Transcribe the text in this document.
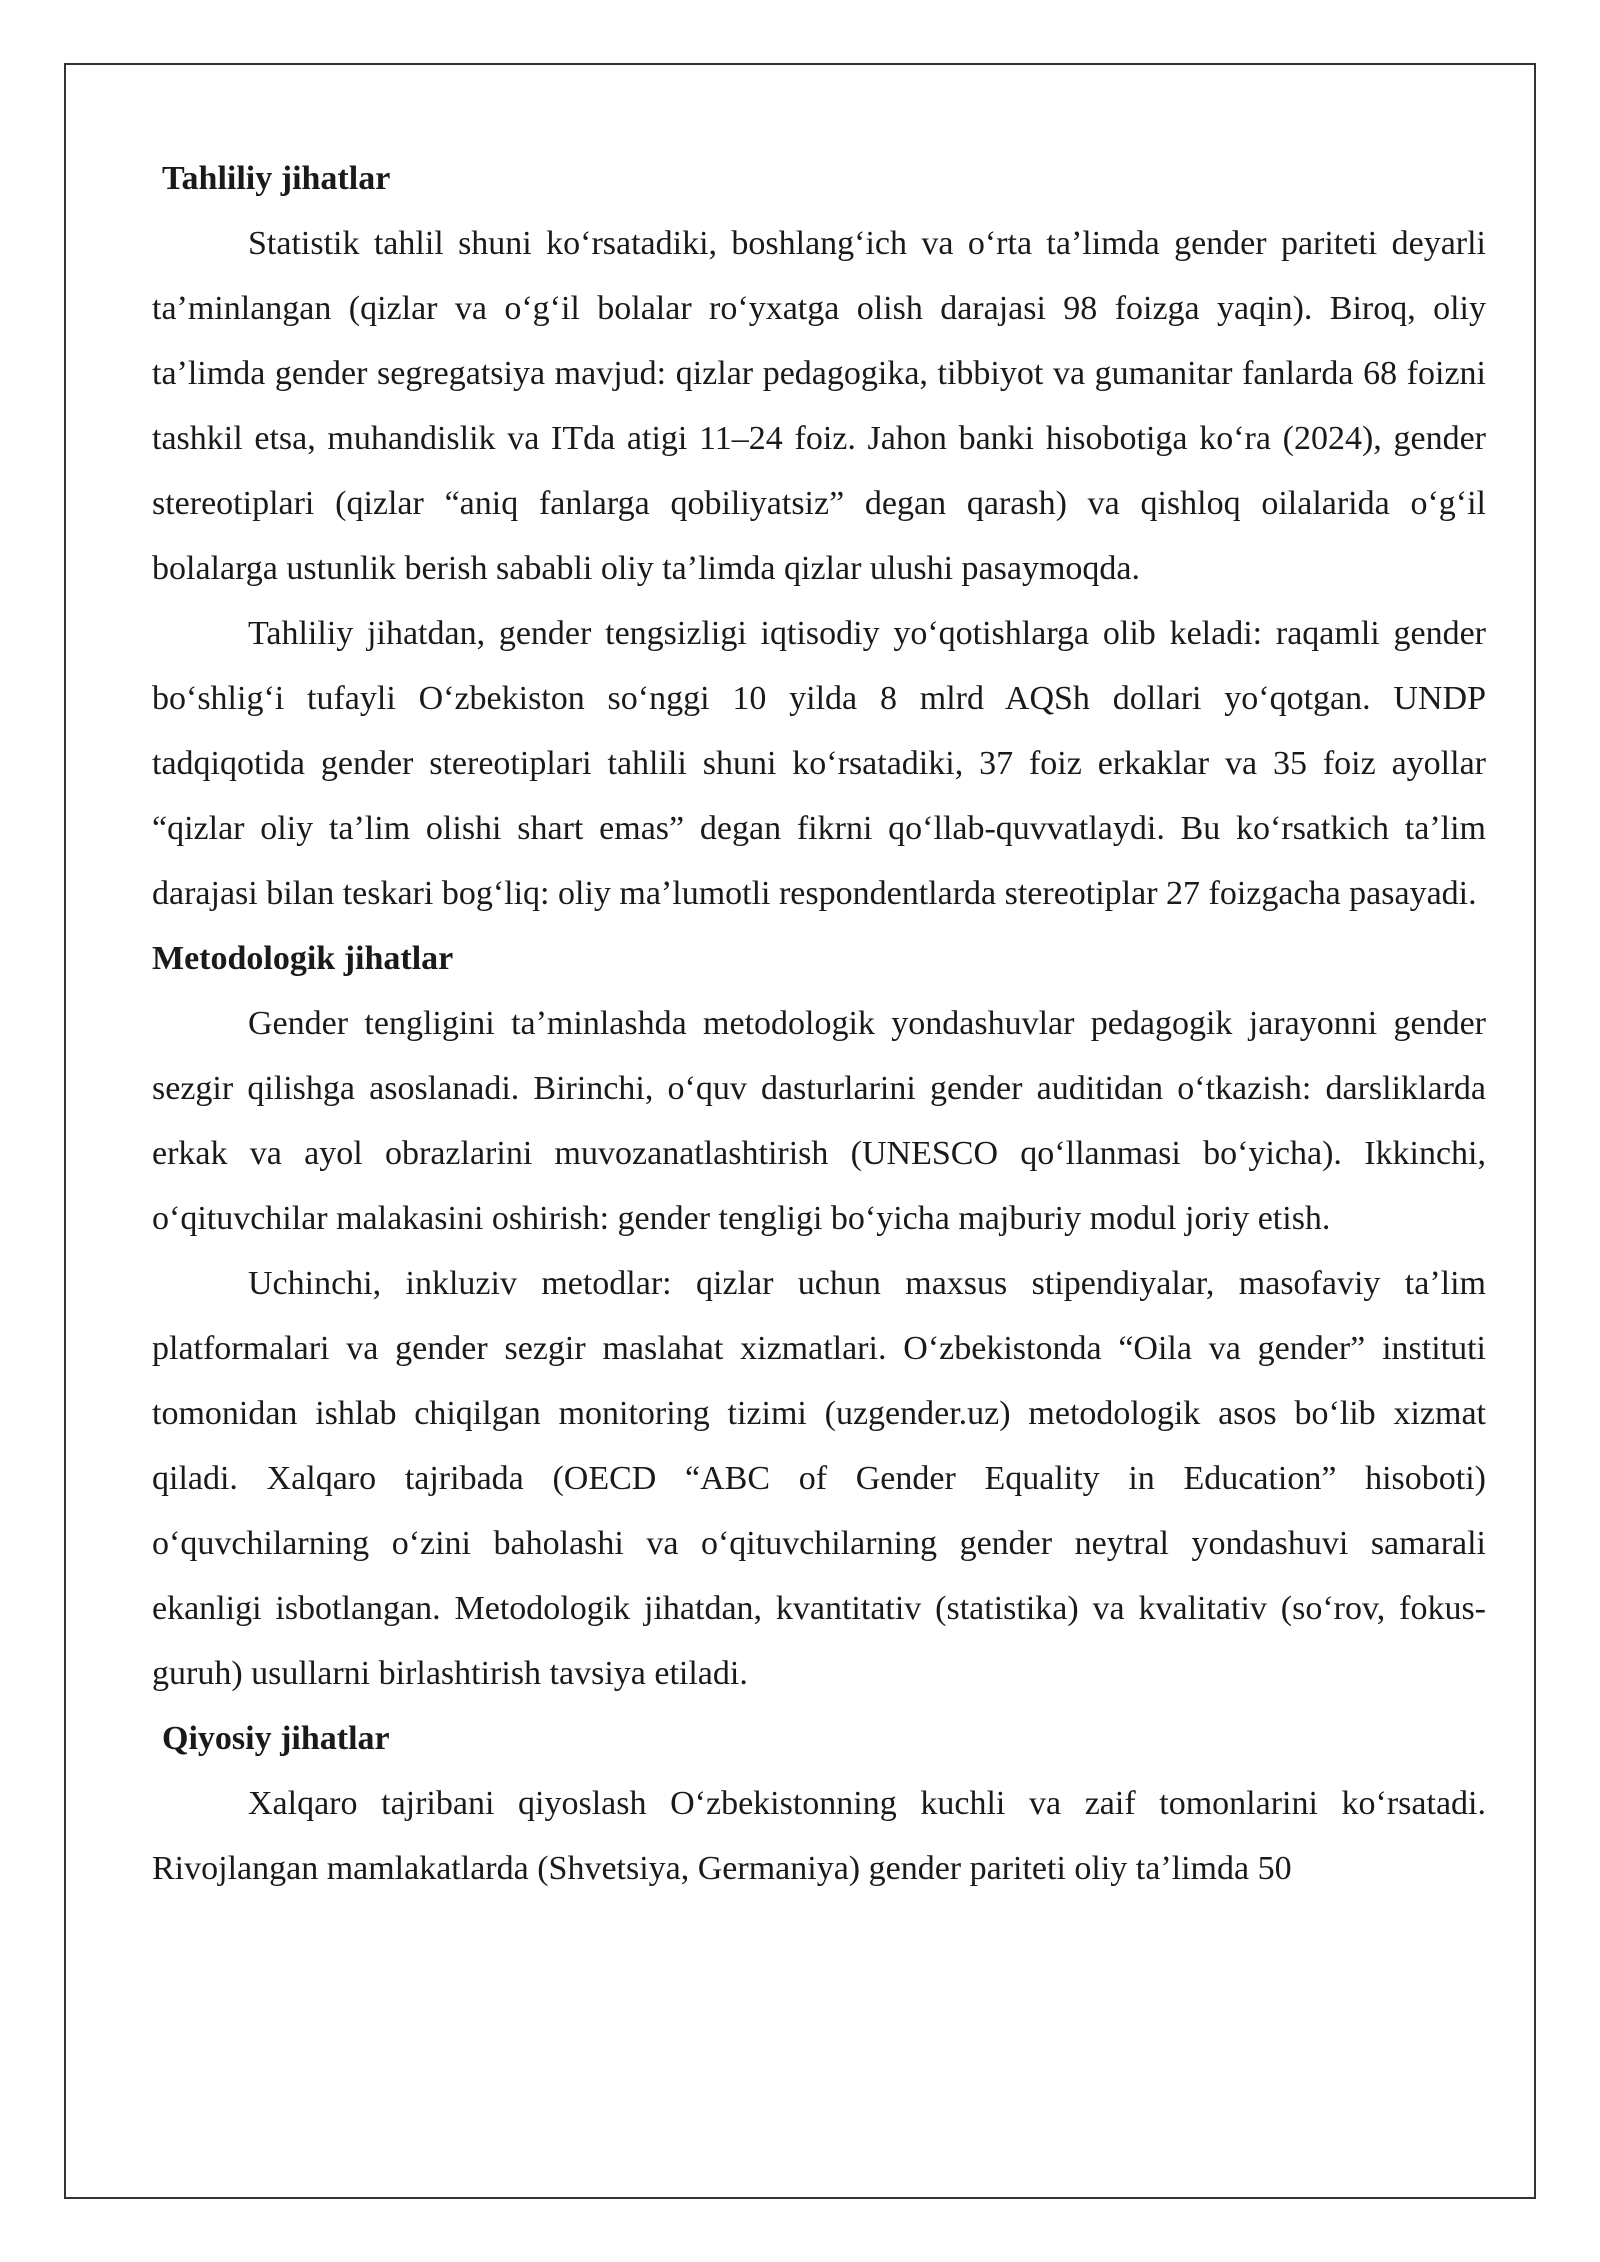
Tahliliy jihatlar

Statistik tahlil shuni koʻrsatadiki, boshlangʻich va oʻrta taʼlimda gender pariteti deyarli taʼminlangan (qizlar va oʻgʻil bolalar roʻyxatga olish darajasi 98 foizga yaqin). Biroq, oliy taʼlimda gender segregatsiya mavjud: qizlar pedagogika, tibbiyot va gumanitar fanlarda 68 foizni tashkil etsa, muhandislik va ITda atigi 11–24 foiz. Jahon banki hisobotiga koʻra (2024), gender stereotiplari (qizlar “aniq fanlarga qobiliyatsiz” degan qarash) va qishloq oilalarida oʻgʻil bolalarga ustunlik berish sababli oliy taʼlimda qizlar ulushi pasaymoqda.

Tahliliy jihatdan, gender tengsizligi iqtisodiy yoʻqotishlarga olib keladi: raqamli gender boʻshligʻi tufayli Oʻzbekiston soʻnggi 10 yilda 8 mlrd AQSh dollari yoʻqotgan. UNDP tadqiqotida gender stereotiplari tahlili shuni koʻrsatadiki, 37 foiz erkaklar va 35 foiz ayollar “qizlar oliy taʼlim olishi shart emas” degan fikrni qoʻllab-quvvatlaydi. Bu koʻrsatkich taʼlim darajasi bilan teskari bogʻliq: oliy maʼlumotli respondentlarda stereotiplar 27 foizgacha pasayadi.

Metodologik jihatlar

Gender tengligini taʼminlashda metodologik yondashuvlar pedagogik jarayonni gender sezgir qilishga asoslanadi. Birinchi, oʻquv dasturlarini gender auditidan oʻtkazish: darsliklarda erkak va ayol obrazlarini muvozanatlashtirish (UNESCO qoʻllanmasi boʻyicha). Ikkinchi, oʻqituvchilar malakasini oshirish: gender tengligi boʻyicha majburiy modul joriy etish.

Uchinchi, inkluziv metodlar: qizlar uchun maxsus stipendiyalar, masofaviy taʼlim platformalari va gender sezgir maslahat xizmatlari. Oʻzbekistonda “Oila va gender” instituti tomonidan ishlab chiqilgan monitoring tizimi (uzgender.uz) metodologik asos boʻlib xizmat qiladi. Xalqaro tajribada (OECD “ABC of Gender Equality in Education” hisoboti) oʻquvchilarning oʻzini baholashi va oʻqituvchilarning gender neytral yondashuvi samarali ekanligi isbotlangan. Metodologik jihatdan, kvantitativ (statistika) va kvalitativ (soʻrov, fokus-guruh) usullarni birlashtirish tavsiya etiladi.

Qiyosiy jihatlar

Xalqaro tajribani qiyoslash Oʻzbekistonning kuchli va zaif tomonlarini koʻrsatadi. Rivojlangan mamlakatlarda (Shvetsiya, Germaniya) gender pariteti oliy taʼlimda 50
